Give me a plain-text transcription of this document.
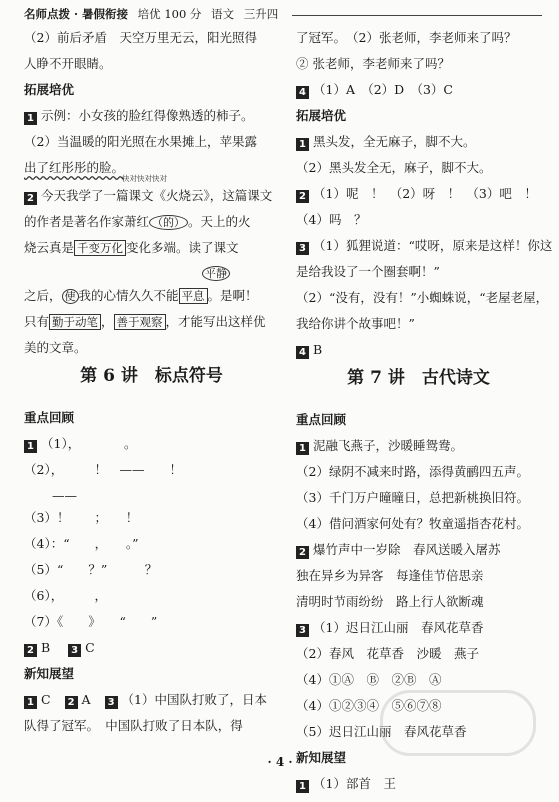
名师点拨 · 暑假衔接 培优 100 分 语文 三升四
（2）前后矛盾　天空万里无云，阳光照得
人睁不开眼睛。
拓展培优
1 示例：小女孩的脸红得像熟透的柿子。
（2）当温暖的阳光照在水果摊上，苹果露
出了红彤彤的脸。
快对快对快对
2 今天我学了一篇课文《火烧云》，这篇课文
的作者是著名作家萧红 （的） 。天上的火
烧云真是 千变万化 变化多端。读了课文
平静
之后， 使 我的心情久久不能 平息 。是啊！
只有 勤于动笔 ， 善于观察 ，才能写出这样优
美的文章。
第 6 讲　标点符号
重点回顾
1 （1），　　　　。
（2），　　　！　——　　！
——
（3）！　　；　　！
（4）：“　　，　　。”
（5）“　　？”　　　？
（6），　　　，
（7）《　　》　　“　　”
2 B 3 C
新知展望
1 C 2 A 3 （1）中国队打败了，日本
队得了冠军。　中国队打败了日本队，得
了冠军。　（2）张老师，李老师来了吗？
② 张老师，李老师来了吗？
4 （1）A　（2）D　（3）C
拓展培优
1 黑头发，全无麻子，脚不大。
（2）黑头发全无，麻子，脚不大。
2 （1）呢　！　（2）呀　！　（3）吧　！
（4）吗　？
3 （1）狐狸说道：“哎呀，原来是这样！你这
是给我设了一个圈套啊！”
（2）“没有，没有！”小蜘蛛说，“老屋老屋，
我给你讲个故事吧！”
4 B
第 7 讲　古代诗文
重点回顾
1 泥融飞燕子，沙暖睡鸳鸯。
（2）绿阴不减来时路，添得黄鹂四五声。
（3）千门万户曈曈日，总把新桃换旧符。
（4）借问酒家何处有？牧童遥指杏花村。
2 爆竹声中一岁除　春风送暖入屠苏
独在异乡为异客　每逢佳节倍思亲
清明时节雨纷纷　路上行人欲断魂
3 （1）迟日江山丽　春风花草香
（2）春风　花草香　沙暖　燕子
（4）①Ⓐ　Ⓑ　②Ⓑ　Ⓐ
（4）①②③④　⑤⑥⑦⑧
（5）迟日江山丽　春风花草香
新知展望
1 （1）部首　王
· 4 ·
